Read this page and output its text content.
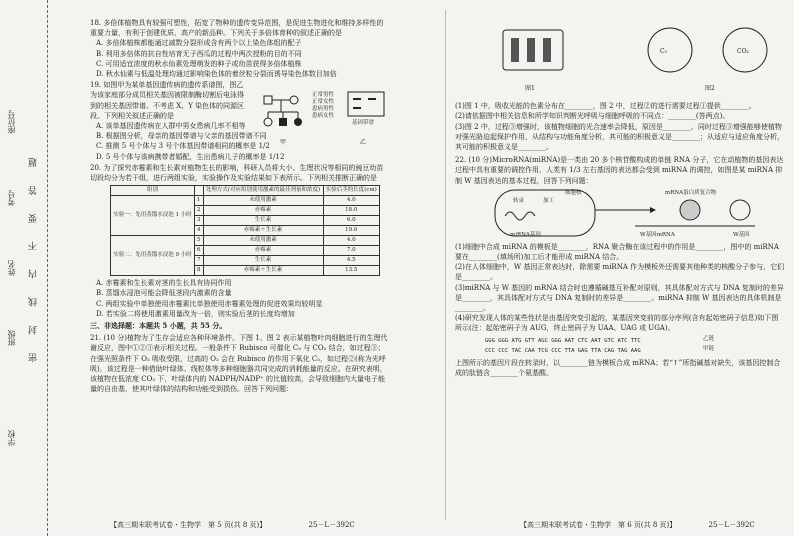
学校
班级
姓名
考号
座位号
密 封 线 内 不 要 答 题
18. 多倍体植物具有较强可塑性，拓宽了物种的遗传变异范围，是促进生物进化和维持多样性的重要力量，有利于创建优质、高产的新品种。下列关于多倍体育种的叙述正确的是
A. 多倍体植株都能通过减数分裂形成含有两个以上染色体组的配子
B. 利用多倍体的抗自性培育无子西瓜的过程中两次授粉的目的不同
C. 可用适宜浓度的秋水仙素处理萌发的种子或幼苗获得多倍体植株
D. 秋水仙素与低温处理均通过影响染色体的着丝粒分裂而诱导染色体数目加倍
19. 如图甲为某单基因遗传病的遗传系谱图，图乙为该家庭部分成员相关基因被限制酶切割后电泳得到的相关基因带谱。不考虑 X、Y 染色体的同源区段。下列相关叙述正确的是
正常男性
正常女性
患病男性
患病女性
甲
基因带谱
乙
A. 该单基因遗传病在人群中男女患病几率不相等
B. 根据图分析，母亲的基因带谱与父亲的基因带谱不同
C. 推测 5 号个体与 3 号个体基因带谱相同的概率是 1/2
D. 5 号个体与该病携带者婚配，生出患病儿子的概率是 1/12
20. 为了探究赤霉素和生长素对植物生长的影响，科研人员将大小、生理状况等相同的豌豆幼苗切段均分为若干组，进行两组实验，实验操作及实验结果如下表所示。下列相关推断正确的是
组别		处理方式(对应组别使用激素的最佳剂量和浓度)	实验后茎的长度(cm)
实验一：先用蒸馏水浸泡 1 小时	1	未使用激素	4.0
	2	赤霉素	18.0
	3	生长素	6.0
	4	赤霉素＋生长素	19.0
实验二：先用蒸馏水浸泡 9 小时	5	未使用激素	4.0
	6	赤霉素	7.0
	7	生长素	4.5
	8	赤霉素＋生长素	13.5
A. 赤霉素和生长素对茎的生长具有协同作用
B. 蒸馏水浸泡可能会降低茎段内激素的含量
C. 两组实验中单独使用赤霉素比单独使用赤霉素处理的促进效果均较明显
D. 若实验二将使用激素用量改为一倍，则实验后茎的长度均增加
三、非选择题：本题共 5 小题，共 55 分。
21. (10 分)植物为了生存会适应各种环境条件。下图 1、图 2 表示某植物叶肉细胞进行的生理代谢反应，图中①②③表示相关过程。一般条件下 Rubisco 可催化 C₅ 与 CO₂ 结合，如过程③；在强光照条件下 O₂ 吸收受限，过高的 O₂ 会在 Rubisco 的作用下氧化 C₅，如过程②(称为光呼吸)，该过程是一种借助叶绿体、线粒体等多种细胞器共同完成的消耗能量的反应。在研究表明，该植物在低浓度 CO₂ 下，叶绿体内的 NADPH/NADP⁺ 的比值较高，会导致细胞内大量电子能量的自由基，使其叶绿体的结构和功能受到损伤。回答下列问题：
【高三期末联考试卷・生物学　第 5 页(共 8 页)】	25－L－392C
C₅	CO₂
图1	图2
(1)图 1 中，吸收光能的色素分布在________，图 2 中，过程②的进行需要过程①提供________。
(2)请依据图中相关信息和所学知识判断光呼吸与细胞呼吸的不同点：________(答两点)。
(3)图 2 中，过程③增强时，该植物细胞的光合速率会降低，原因是________。同时过程③增强能够使植物对强光胁迫起保护作用，从结构与功能角度分析，其可能的积极意义是________；从适应与适应角度分析，其可能的积极意义是________。
22. (10 分)MicroRNA(miRNA)是一类由 20 多个核苷酸构成的单链 RNA 分子，它在动植物的基因表达过程中具有重要的调控作用，人类有 1/3 左右基因的表达都会受到 miRNA 的调控，如图是某 miRNA 抑制 W 基因表达的基本过程，回答下列问题：
转录	加工
细胞核	mRNA蛋白质复合物
W基因mRNA
miRNA基因	W基因
(1)细胞中合成 miRNA 的模板是________，RNA 聚合酶在该过程中的作用是________，图中的 miRNA 要在________(填场所)加工后才能形成 miRNA 结合。
(2)在人体细胞中，W 基因正常表达时，除需要 miRNA 作为模板外还需要其他种类的核酸分子参与，它们是________。
(3)miRNA 与 W 基因的 mRNA 结合时也遵循碱基互补配对原则，其具体配对方式与 DNA 复制时的差异是________，其具体配对方式与 DNA 复制时的差异是________。miRNA 抑制 W 基因表达的具体机制是________。
(4)研究发现人体的某些性状是由基因突变引起的，某基因突变前的部分序列(含有起始密码子信息)如下图所示(注：起始密码子为 AUG，终止密码子为 UAA、UAG 或 UGA)。
GGG GGG ATG GTT AGC GGG AAT CTC AAT GTC ATC TTC
CCC CCC TAC CAA TCG CCC TTA GAG TTA CAG TAG AAG
乙链
甲链
上图所示的基因片段在转录时，以________链为模板合成 mRNA；若“↑”所指碱基对缺失，该基因控制合成的肽链含________个氨基酸。
【高三期末联考试卷・生物学　第 6 页(共 8 页)】	25－L－392C
